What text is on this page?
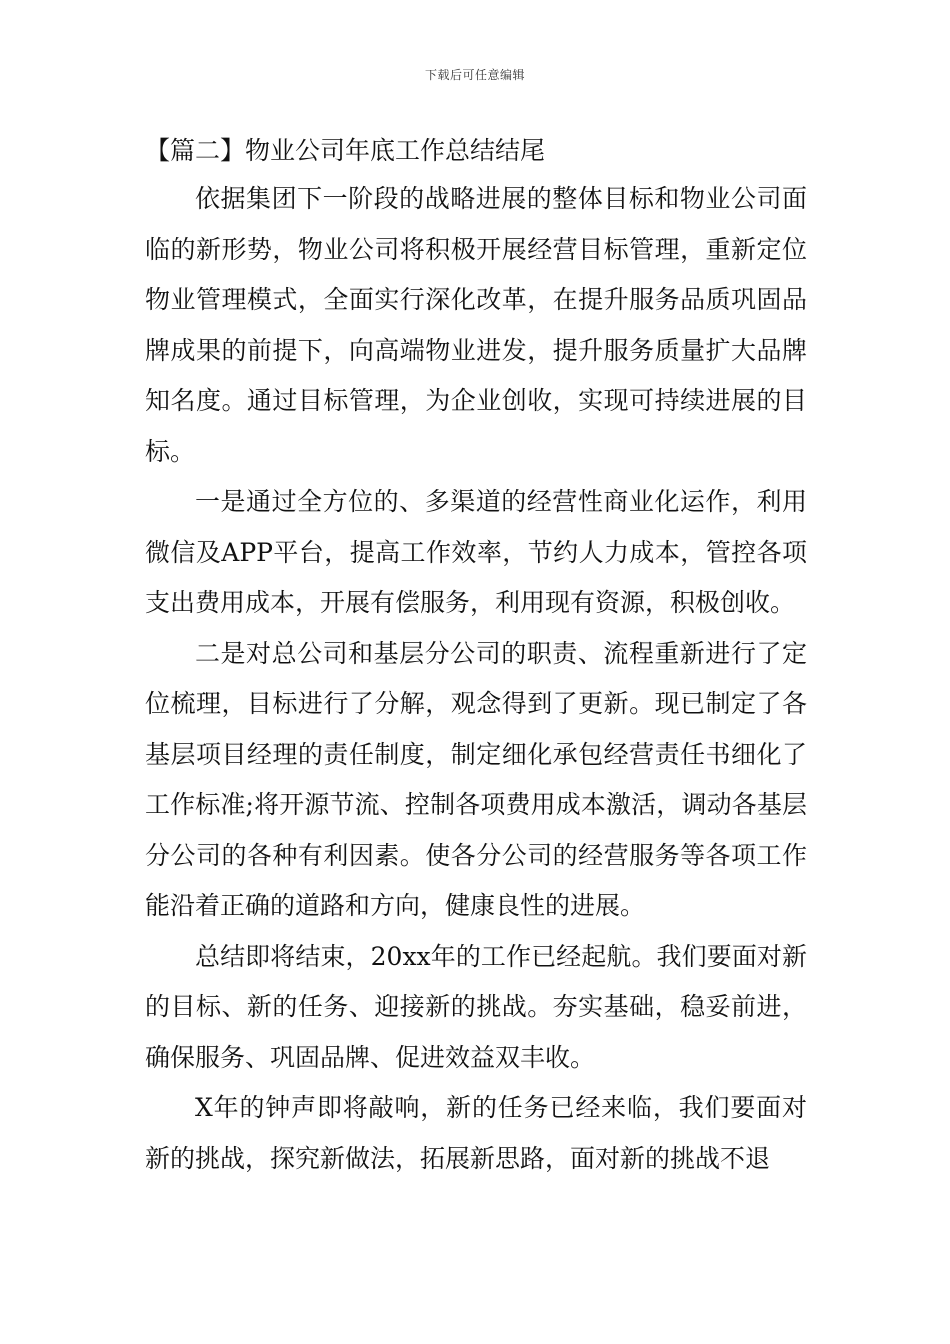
下载后可任意编辑
【篇二】物业公司年底工作总结结尾

依据集团下一阶段的战略进展的整体目标和物业公司面临的新形势，物业公司将积极开展经营目标管理，重新定位物业管理模式，全面实行深化改革，在提升服务品质巩固品牌成果的前提下，向高端物业进发，提升服务质量扩大品牌知名度。通过目标管理，为企业创收，实现可持续进展的目标。

一是通过全方位的、多渠道的经营性商业化运作，利用微信及APP平台，提高工作效率，节约人力成本，管控各项支出费用成本，开展有偿服务，利用现有资源，积极创收。

二是对总公司和基层分公司的职责、流程重新进行了定位梳理，目标进行了分解，观念得到了更新。现已制定了各基层项目经理的责任制度，制定细化承包经营责任书细化了工作标准;将开源节流、控制各项费用成本激活，调动各基层分公司的各种有利因素。使各分公司的经营服务等各项工作能沿着正确的道路和方向，健康良性的进展。

总结即将结束，20xx年的工作已经起航。我们要面对新的目标、新的任务、迎接新的挑战。夯实基础，稳妥前进，确保服务、巩固品牌、促进效益双丰收。

X年的钟声即将敲响，新的任务已经来临，我们要面对新的挑战，探究新做法，拓展新思路，面对新的挑战不退
